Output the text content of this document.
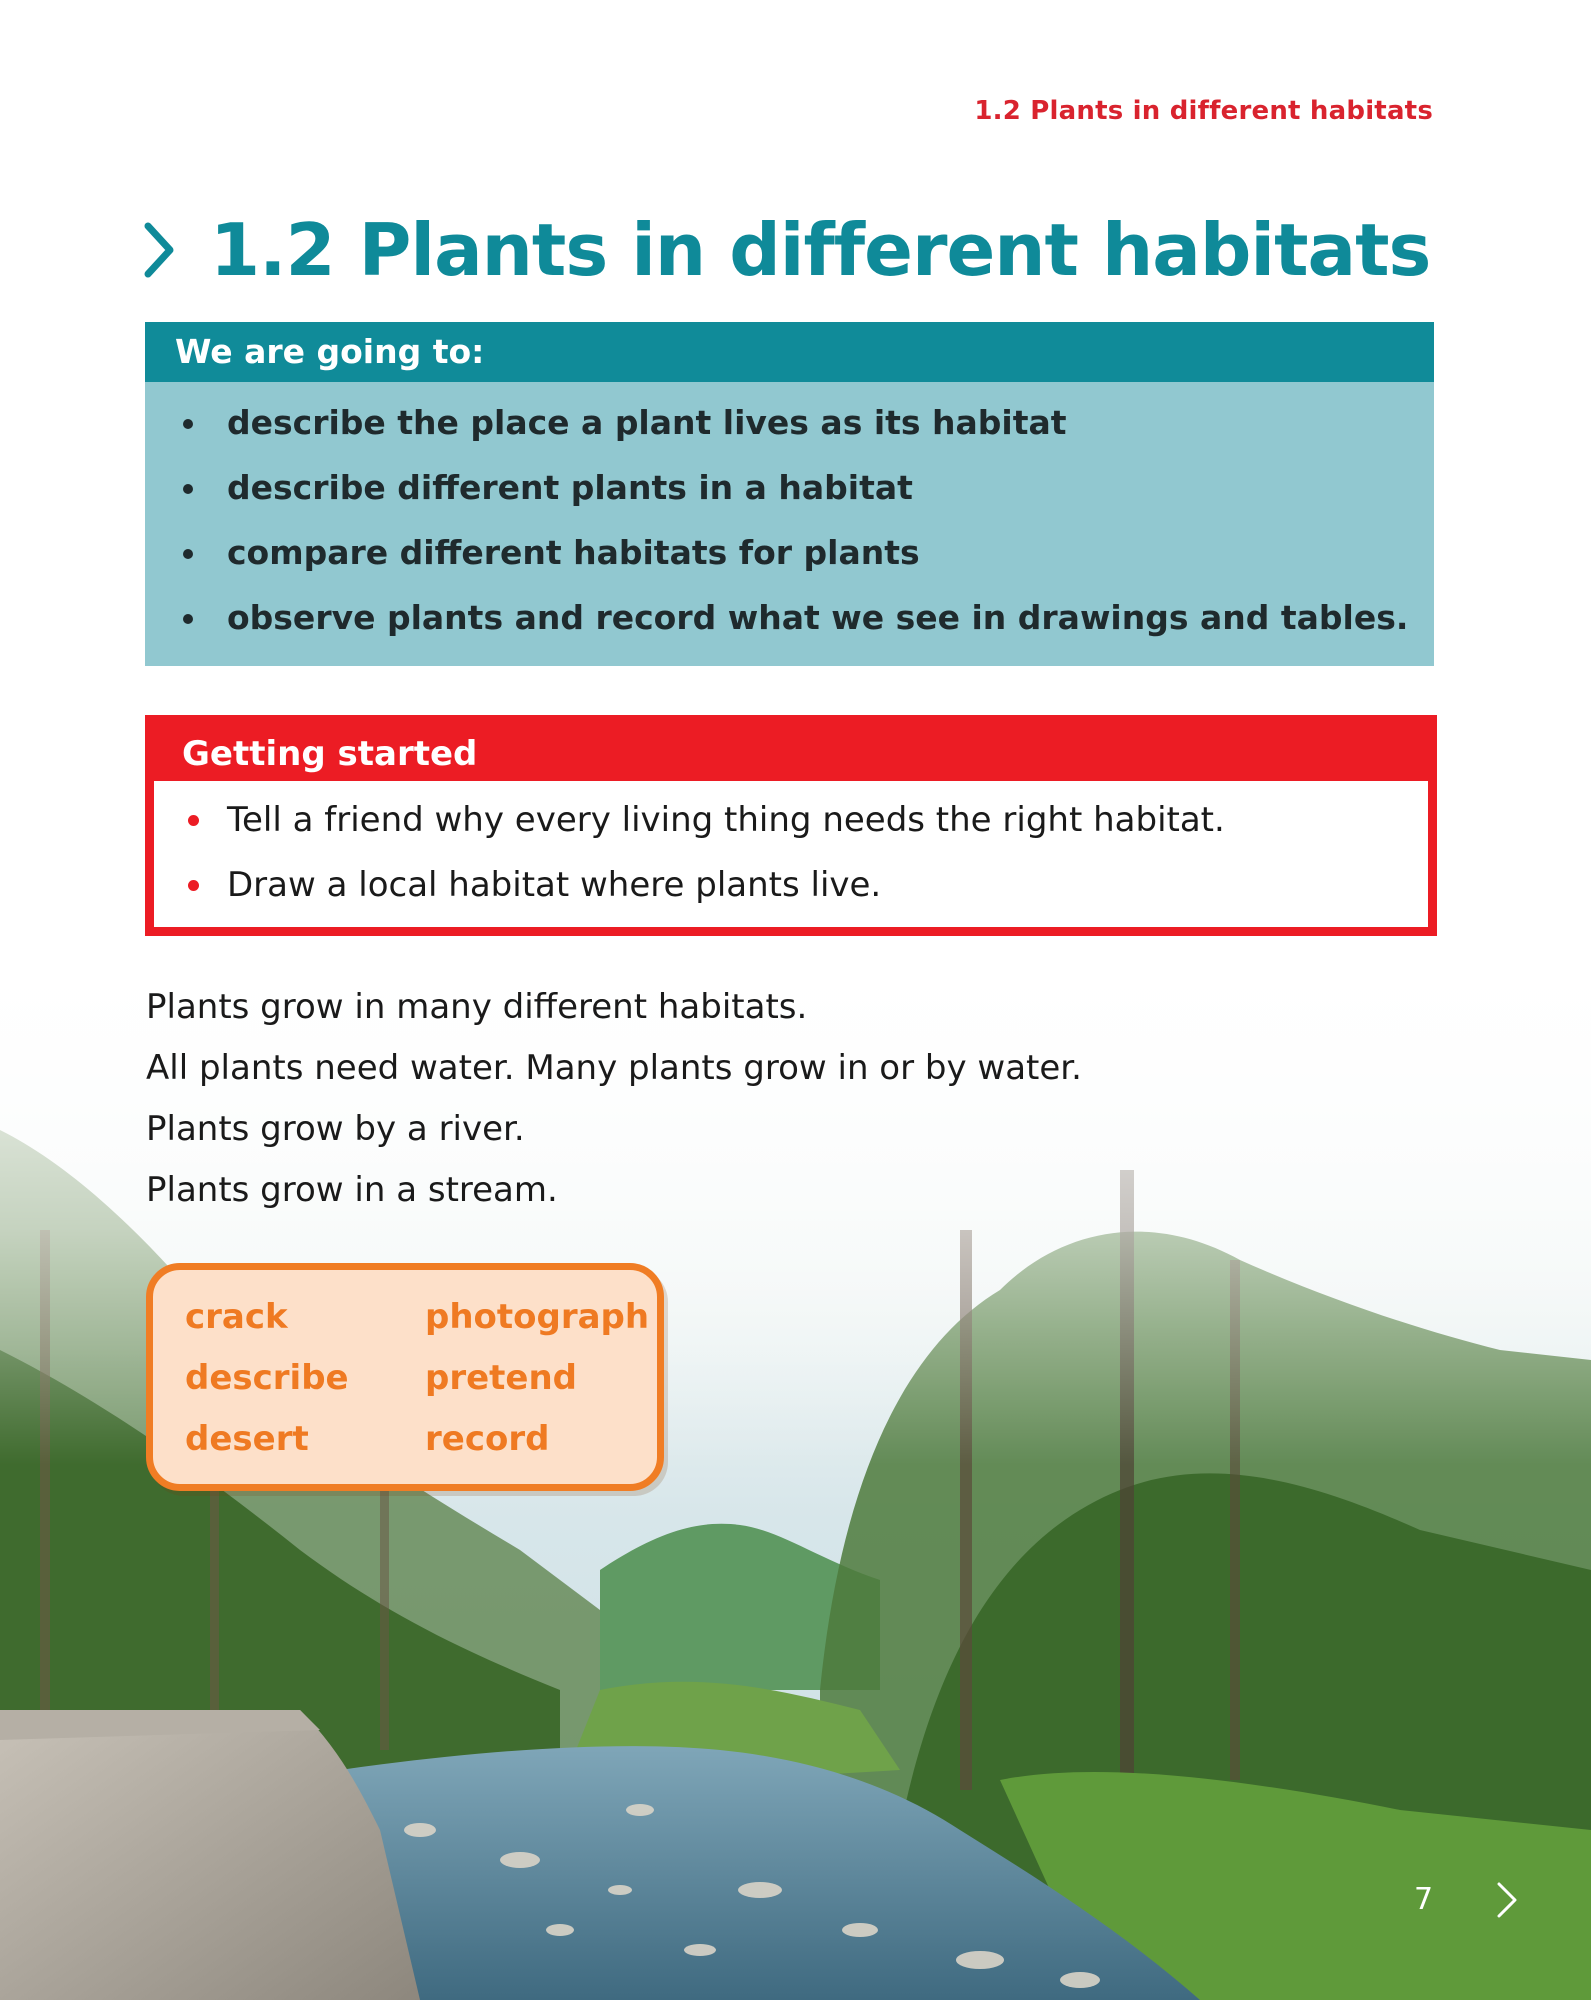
1.2 Plants in different habitats
1.2 Plants in different habitats
We are going to:
describe the place a plant lives as its habitat
describe different plants in a habitat
compare different habitats for plants
observe plants and record what we see in drawings and tables.
Getting started
Tell a friend why every living thing needs the right habitat.
Draw a local habitat where plants live.

Plants grow in many different habitats.

All plants need water. Many plants grow in or by water.

Plants grow by a river.

Plants grow in a stream.

crack
describe
desert
photograph
pretend
record
7
